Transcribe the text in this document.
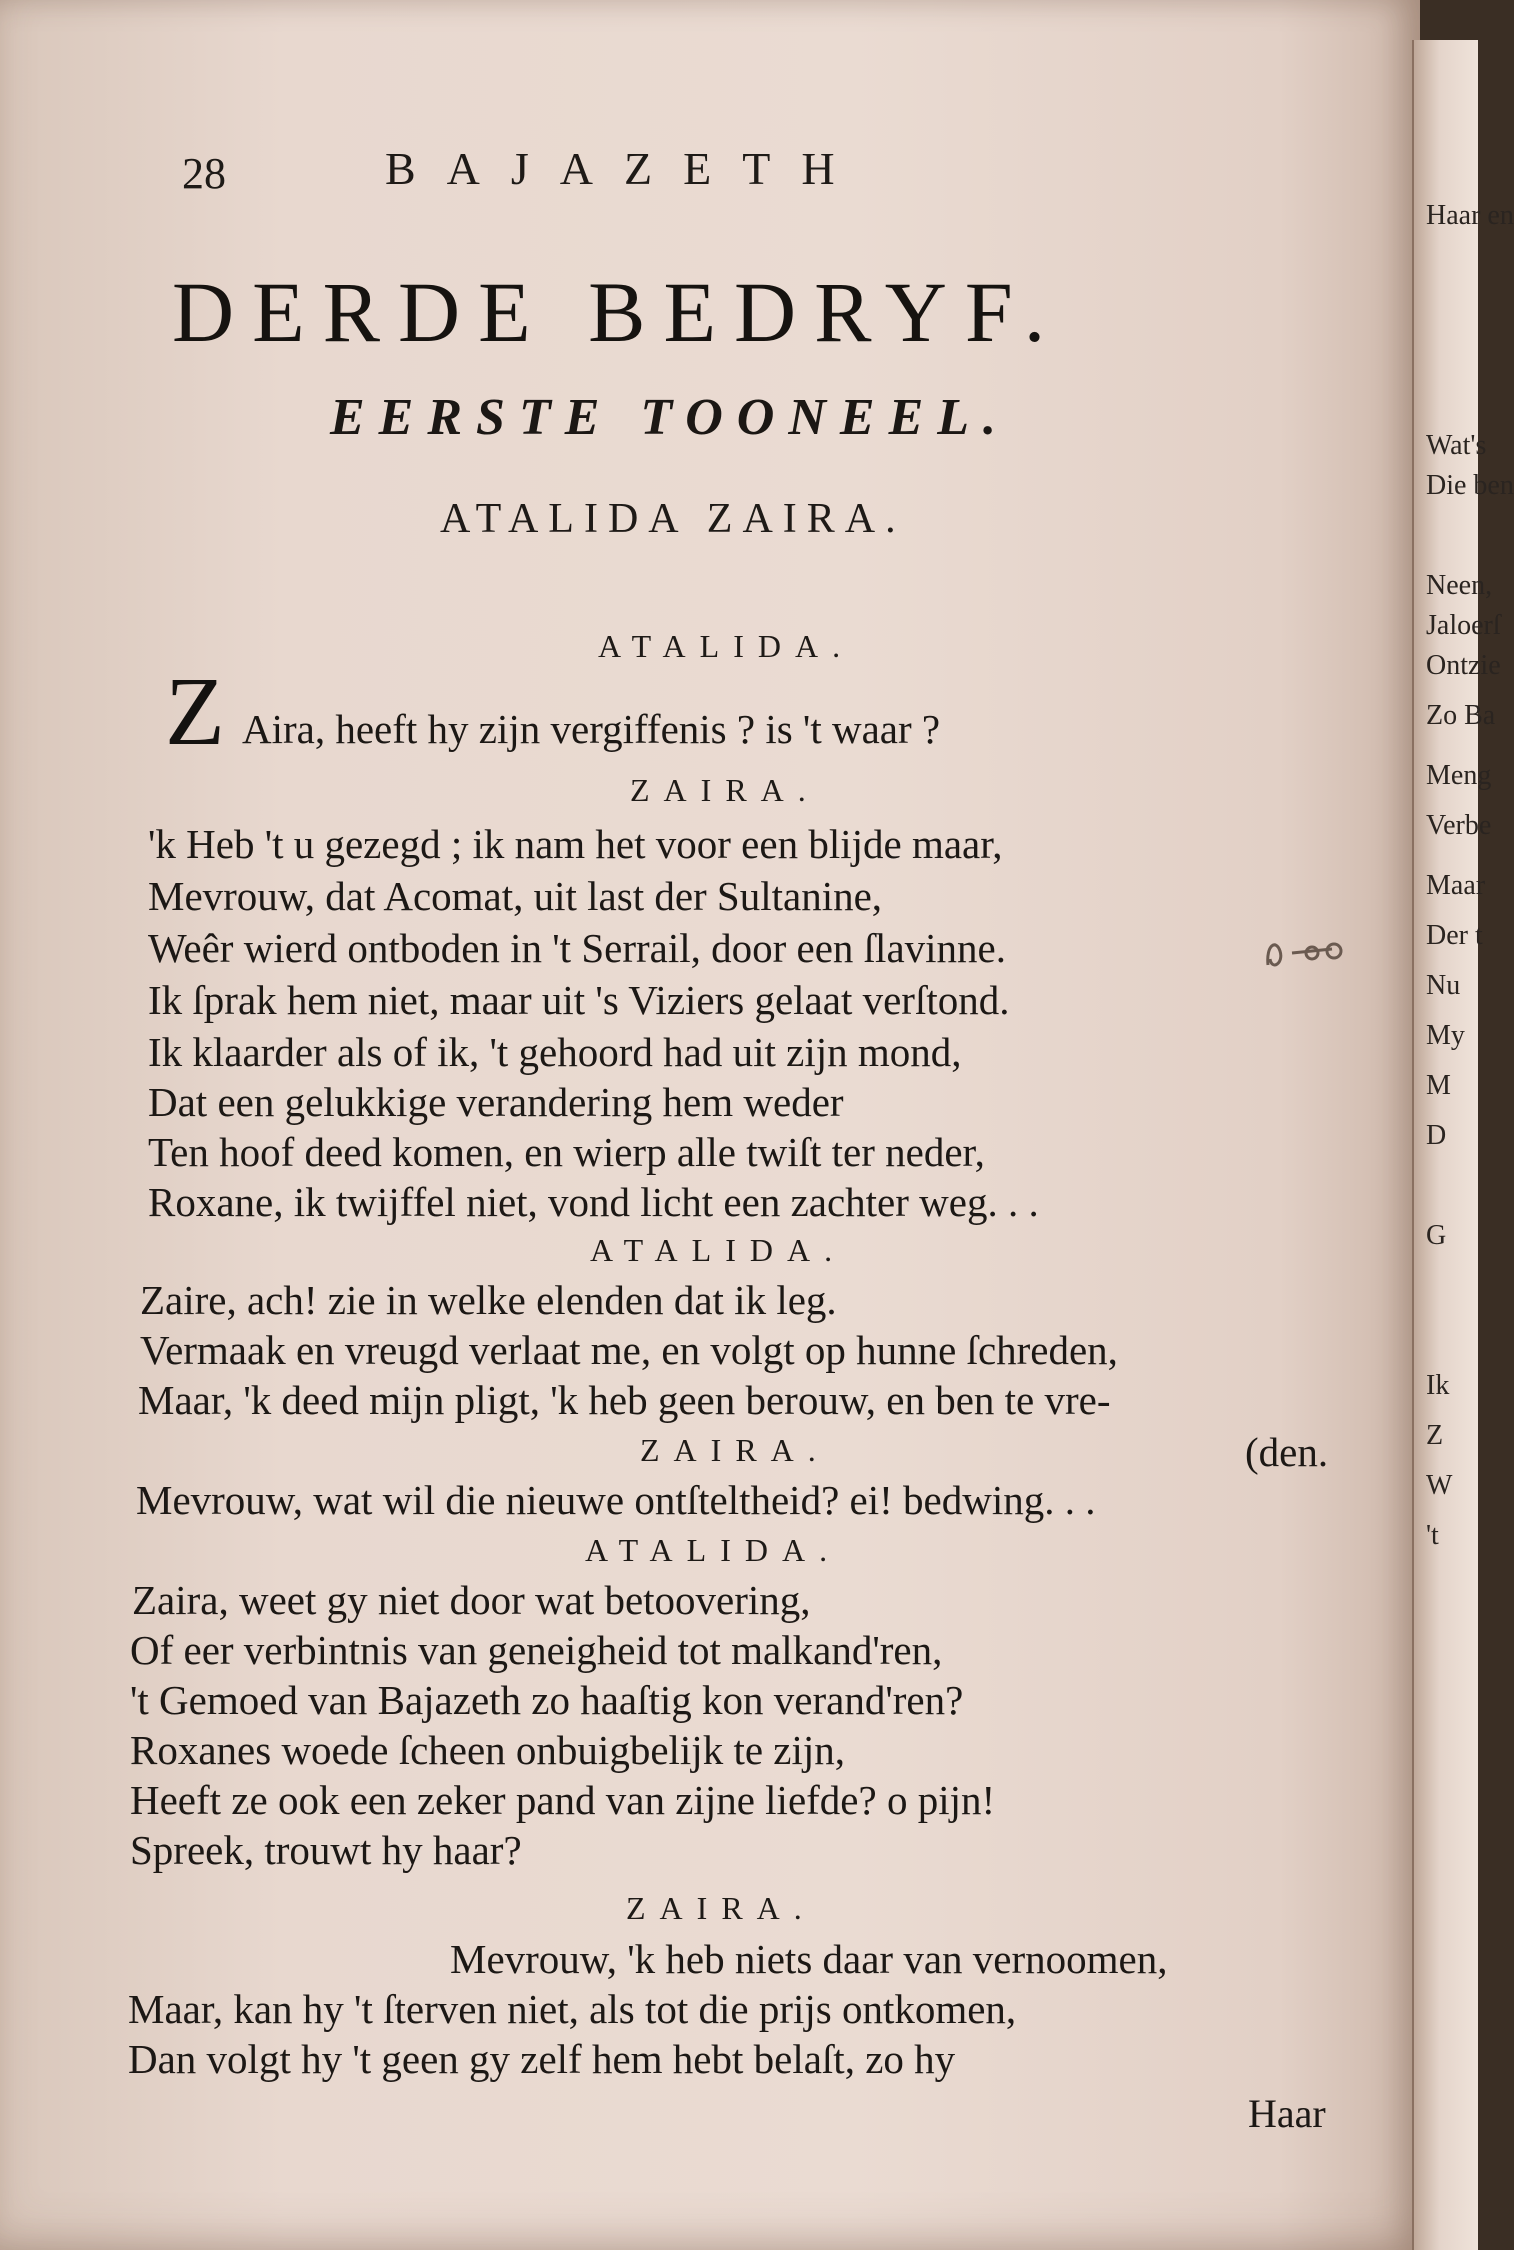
28	BAJAZETH
DERDE BEDRYF.
EERSTE TOONEEL.
ATALIDA ZAIRA.
ATALIDA.
Z Aira, heeft hy zijn vergiffenis ? is 't waar ?
ZAIRA.
'k Heb 't u gezegd ; ik nam het voor een blijde maar,
Mevrouw, dat Acomat, uit last der Sultanine,
Weêr wierd ontboden in 't Serrail, door een ſlavinne.
Ik ſprak hem niet, maar uit 's Viziers gelaat verſtond.
Ik klaarder als of ik, 't gehoord had uit zijn mond,
Dat een gelukkige verandering hem weder
Ten hoof deed komen, en wierp alle twiſt ter neder,
Roxane, ik twijffel niet, vond licht een zachter weg. . .
ATALIDA.
Zaire, ach! zie in welke elenden dat ik leg.
Vermaak en vreugd verlaat me, en volgt op hunne ſchreden,
Maar, 'k deed mijn pligt, 'k heb geen berouw, en ben te vre-
ZAIRA.	(den.
Mevrouw, wat wil die nieuwe ontſteltheid? ei! bedwing. . .
ATALIDA.
Zaira, weet gy niet door wat betoovering,
Of eer verbintnis van geneigheid tot malkand'ren,
't Gemoed van Bajazeth zo haaſtig kon verand'ren?
Roxanes woede ſcheen onbuigbelijk te zijn,
Heeft ze ook een zeker pand van zijne liefde? o pijn!
Spreek, trouwt hy haar?
ZAIRA.
Mevrouw, 'k heb niets daar van vernoomen,
Maar, kan hy 't ſterven niet, als tot die prijs ontkomen,
Dan volgt hy 't geen gy zelf hem hebt belaſt, zo hy
Haar
Haar en
Wat's
Die ben
Neen,
Jaloerſ
Ontzie
Zo Ba
Meng
Verbe
Maar
Der t
Nu
My
M
D
G
Ik
Z
W
't
